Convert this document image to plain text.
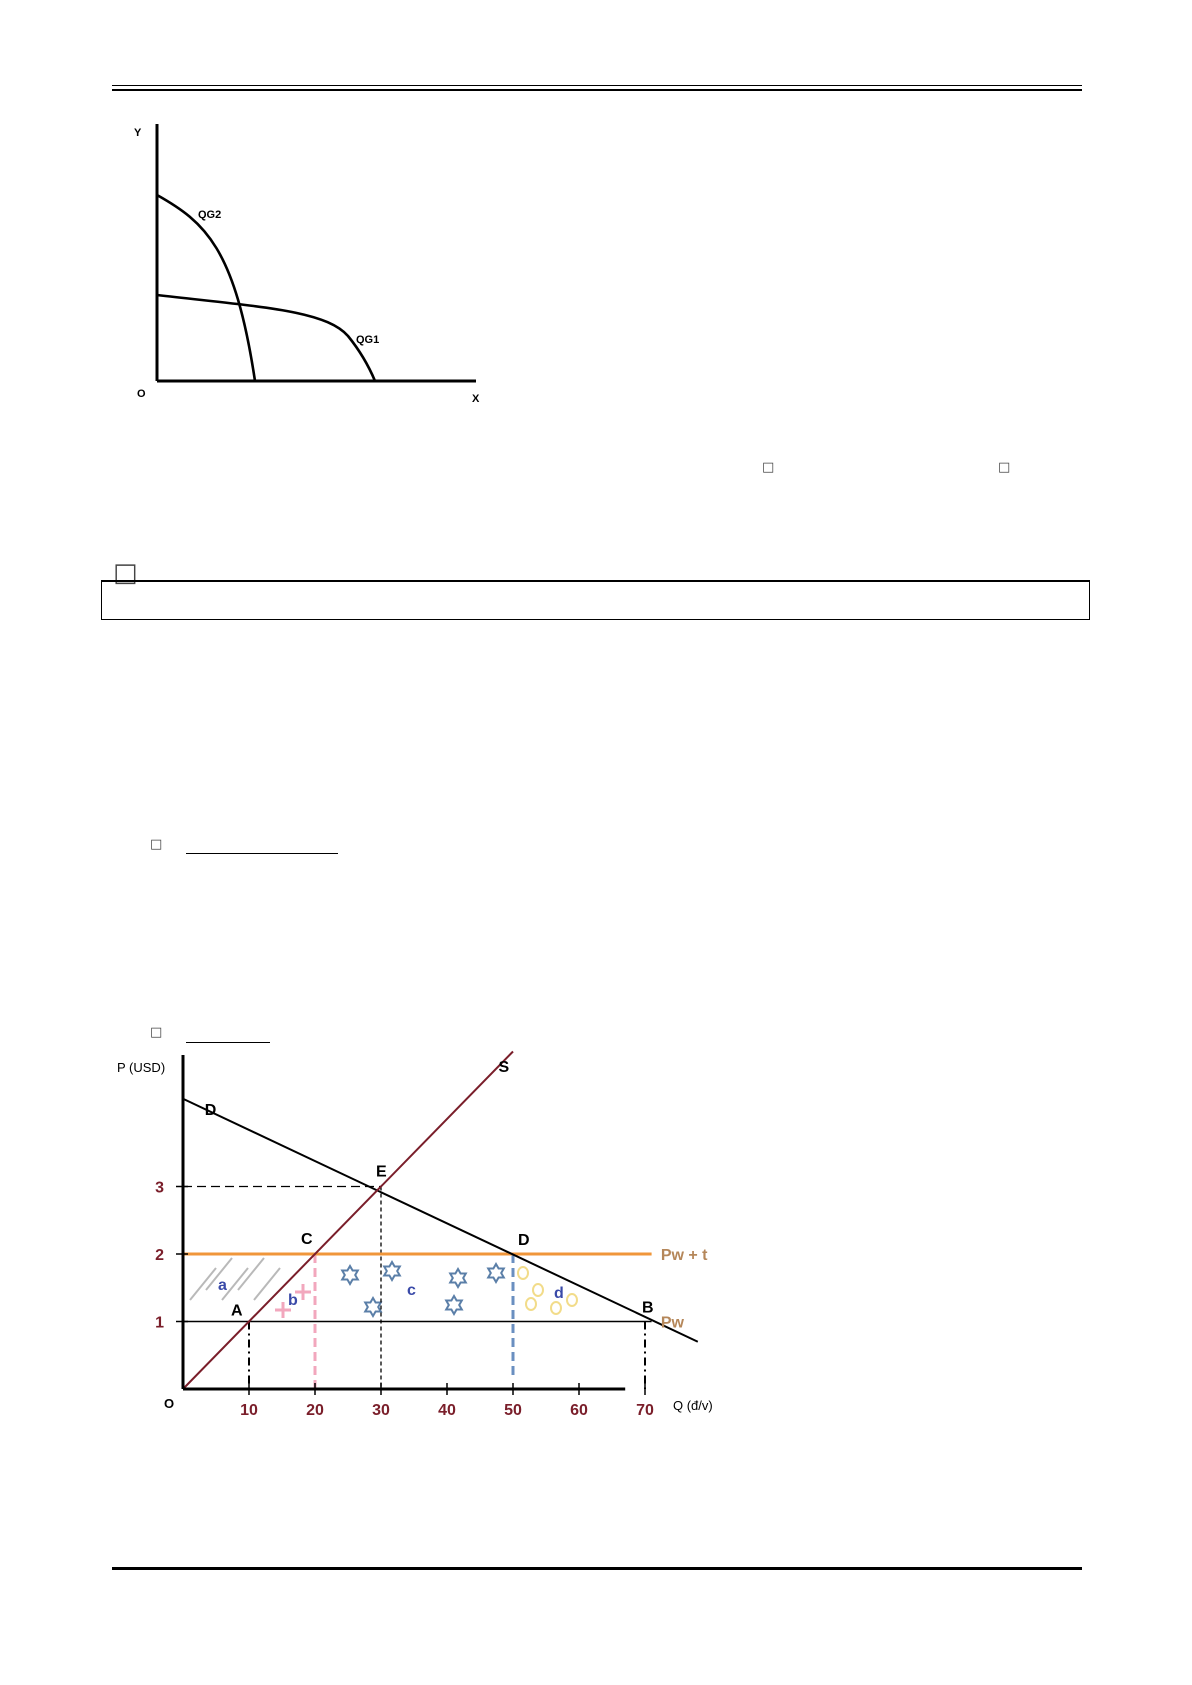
Y
X
O
QG2
QG1
□	□
□
□
□
10	20	30	40	50	60	70
1
2
3
P (USD)
Q (đ/v)
O
Pw + t
Pw
D
S
A
C
E
D
B
a
b
c	d
